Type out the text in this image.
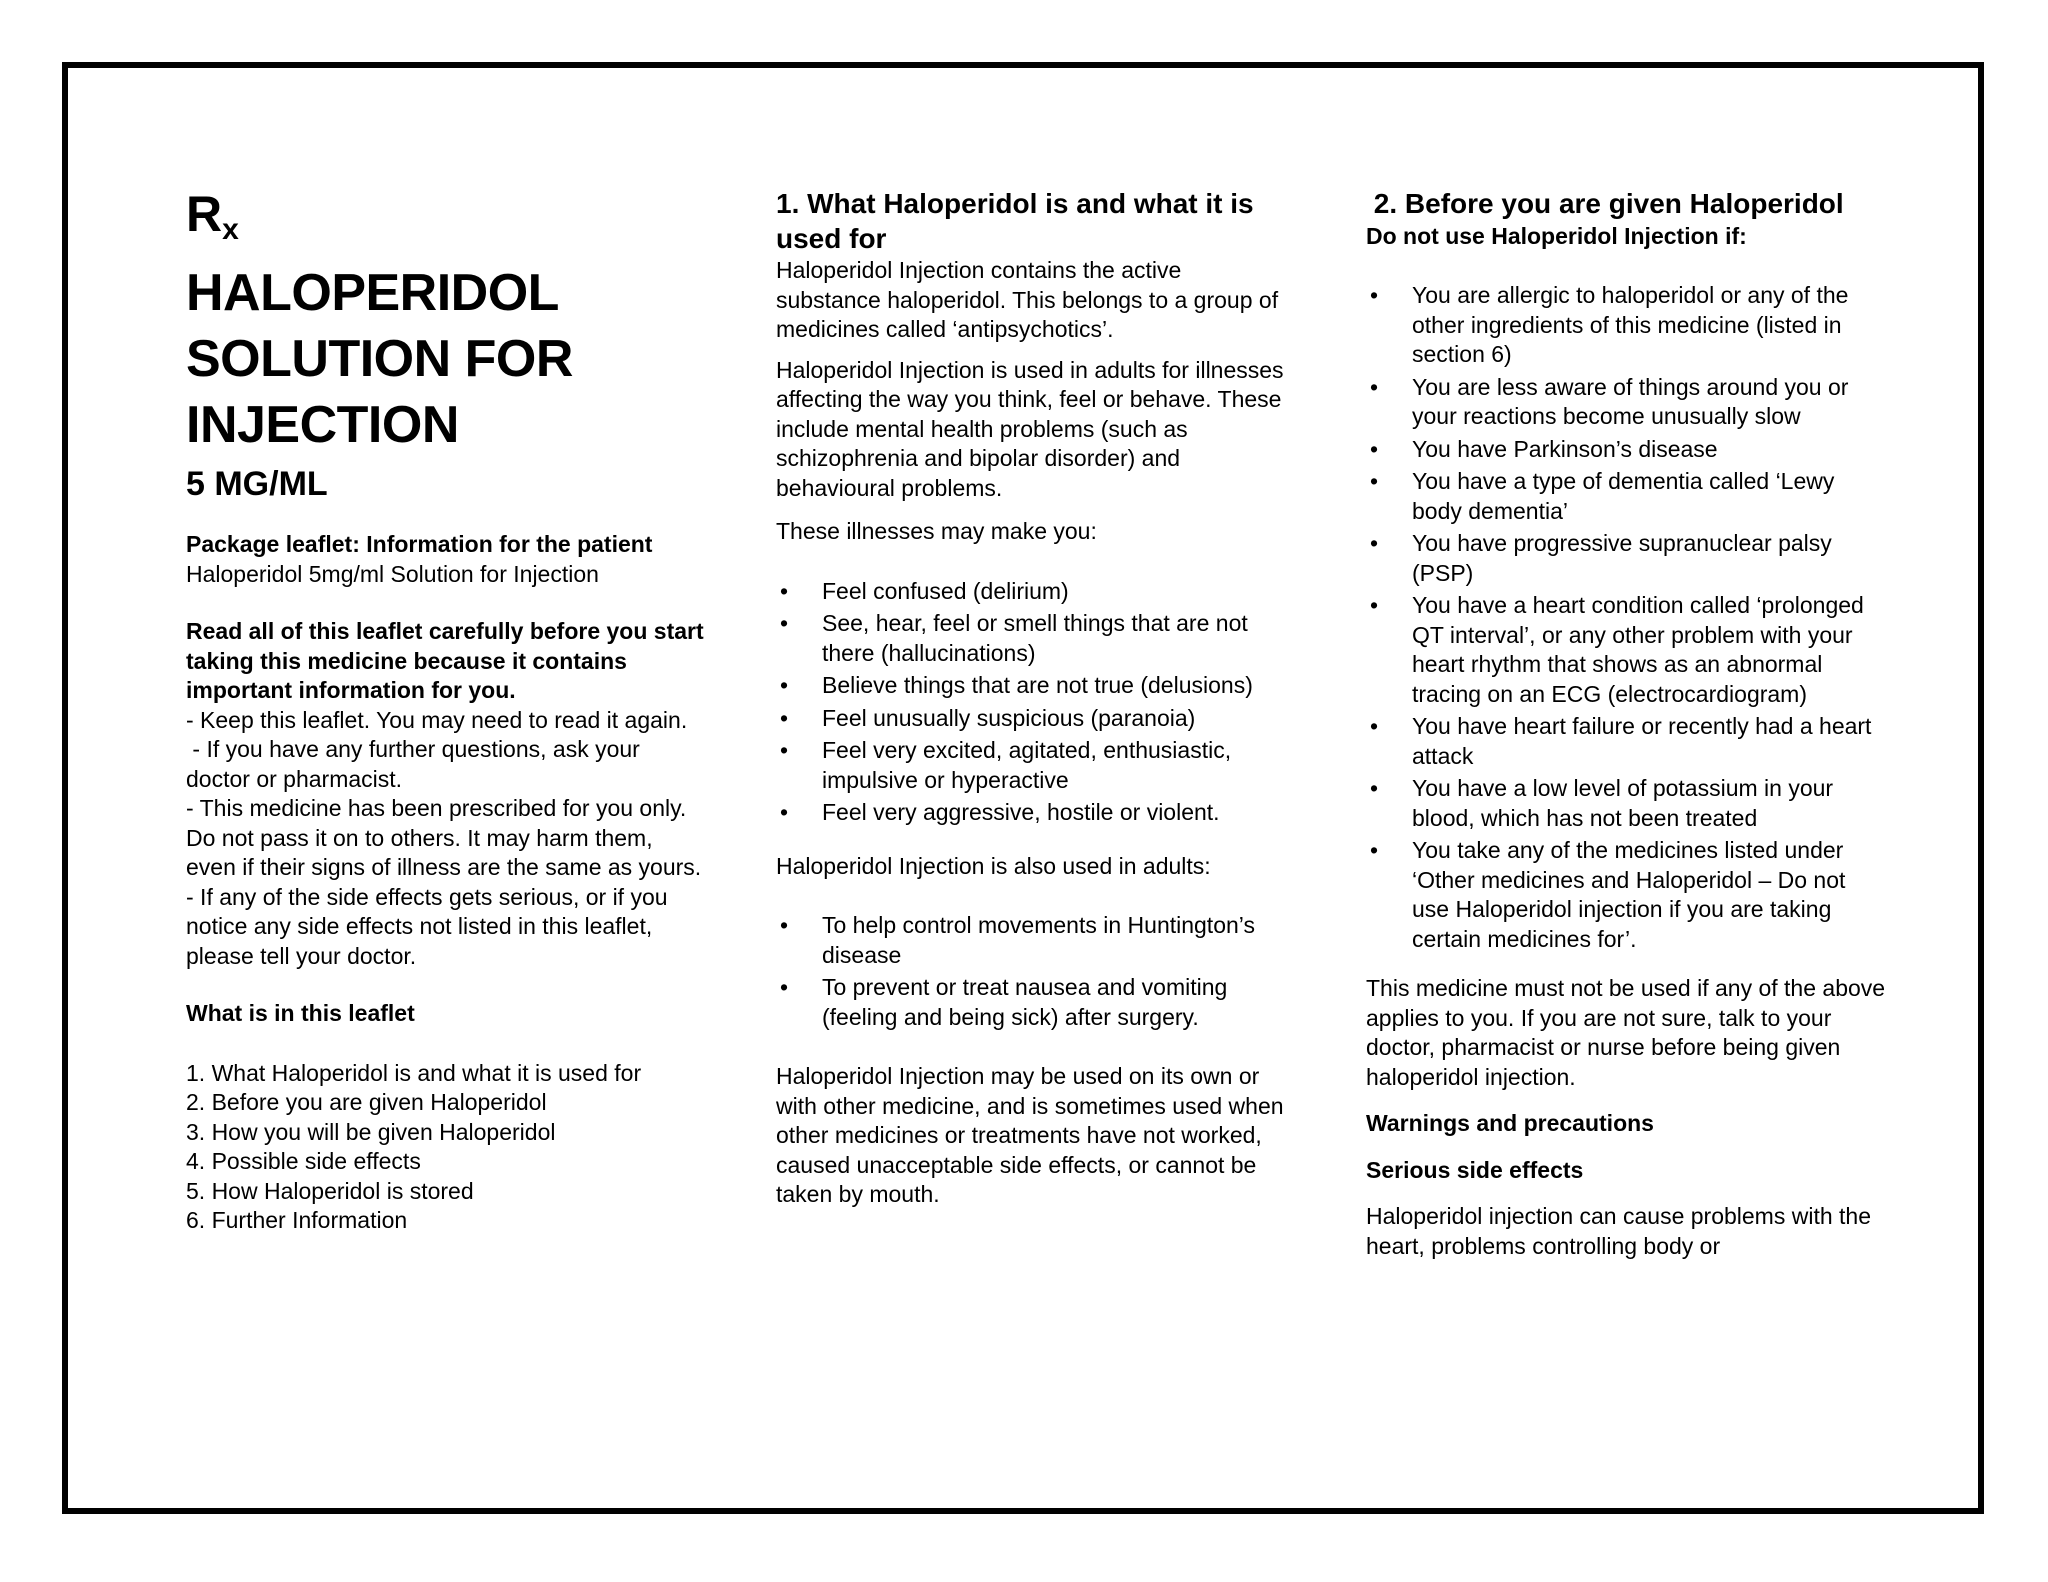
$R_x$
HALOPERIDOL
SOLUTION FOR
INJECTION
5 MG/ML

Package leaflet: Information for the patient

Haloperidol 5mg/ml Solution for Injection

Read all of this leaflet carefully before you start taking this medicine because it contains important information for you.

- Keep this leaflet. You may need to read it again.

- If you have any further questions, ask your doctor or pharmacist.

- This medicine has been prescribed for you only. Do not pass it on to others. It may harm them, even if their signs of illness are the same as yours.

- If any of the side effects gets serious, or if you notice any side effects not listed in this leaflet, please tell your doctor.

What is in this leaflet

1. What Haloperidol is and what it is used for
2. Before you are given Haloperidol
3. How you will be given Haloperidol
4. Possible side effects
5. How Haloperidol is stored
6. Further Information
1. What Haloperidol is and what it is used for

Haloperidol Injection contains the active substance haloperidol. This belongs to a group of medicines called ‘antipsychotics’.

Haloperidol Injection is used in adults for illnesses affecting the way you think, feel or behave. These include mental health problems (such as schizophrenia and bipolar disorder) and behavioural problems.

These illnesses may make you:

• Feel confused (delirium)
• See, hear, feel or smell things that are not there (hallucinations)
• Believe things that are not true (delusions)
• Feel unusually suspicious (paranoia)
• Feel very excited, agitated, enthusiastic, impulsive or hyperactive
• Feel very aggressive, hostile or violent.

Haloperidol Injection is also used in adults:

• To help control movements in Huntington’s disease
• To prevent or treat nausea and vomiting (feeling and being sick) after surgery.

Haloperidol Injection may be used on its own or with other medicine, and is sometimes used when other medicines or treatments have not worked, caused unacceptable side effects, or cannot be taken by mouth.

2. Before you are given Haloperidol

Do not use Haloperidol Injection if:

• You are allergic to haloperidol or any of the other ingredients of this medicine (listed in section 6)
• You are less aware of things around you or your reactions become unusually slow
• You have Parkinson’s disease
• You have a type of dementia called ‘Lewy body dementia’
• You have progressive supranuclear palsy (PSP)
• You have a heart condition called ‘prolonged QT interval’, or any other problem with your heart rhythm that shows as an abnormal tracing on an ECG (electrocardiogram)
• You have heart failure or recently had a heart attack
• You have a low level of potassium in your blood, which has not been treated
• You take any of the medicines listed under ‘Other medicines and Haloperidol – Do not use Haloperidol injection if you are taking certain medicines for’.

This medicine must not be used if any of the above applies to you. If you are not sure, talk to your doctor, pharmacist or nurse before being given haloperidol injection.

Warnings and precautions

Serious side effects

Haloperidol injection can cause problems with the heart, problems controlling body or
